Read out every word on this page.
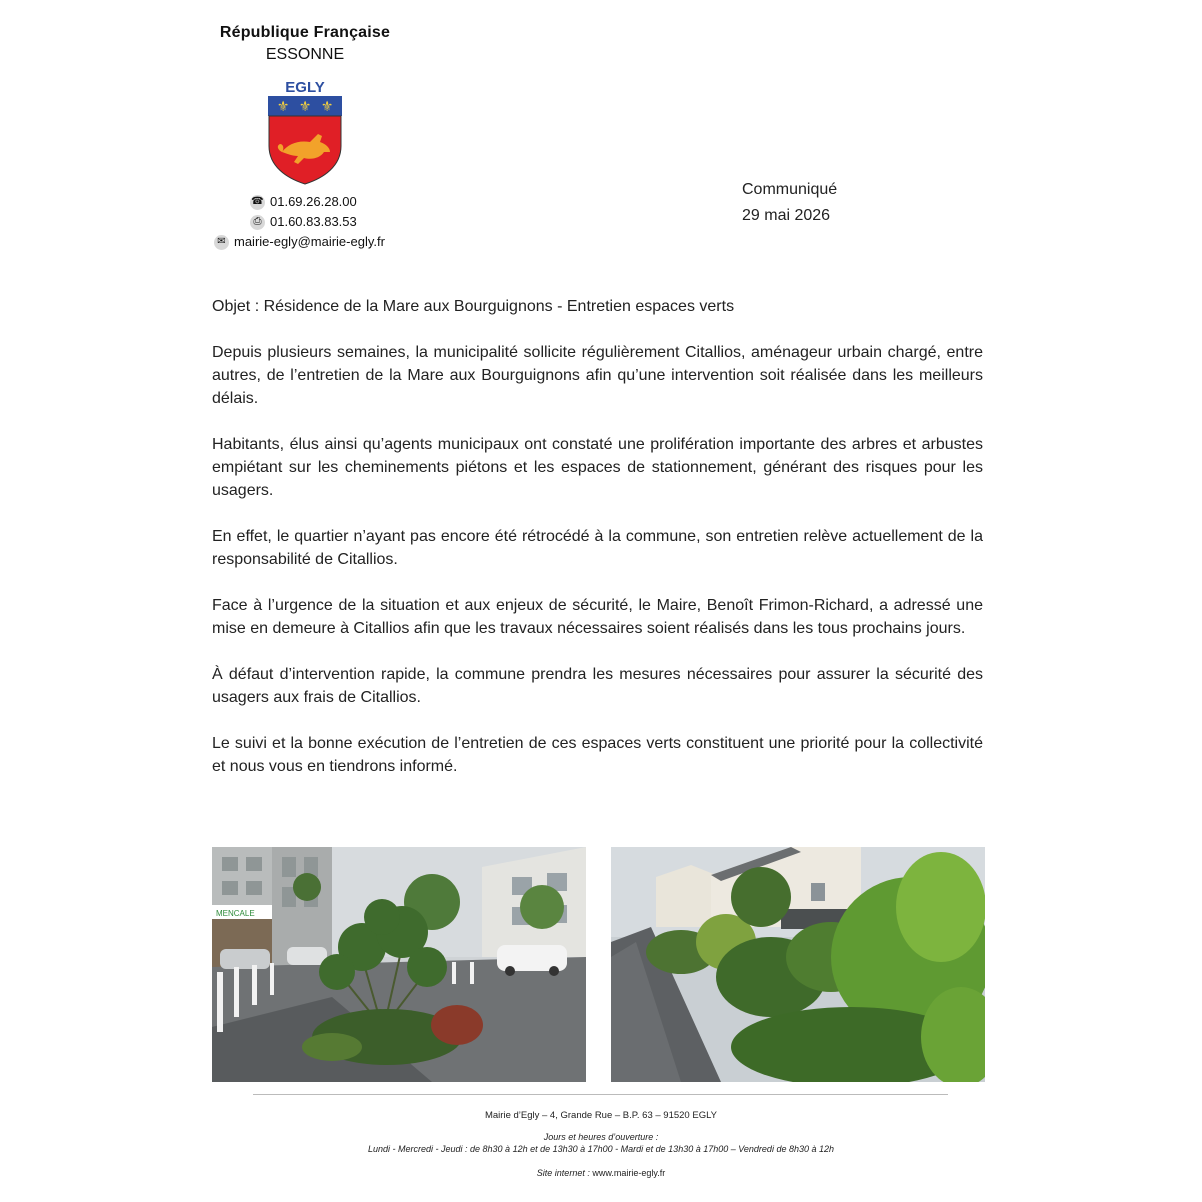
République Française
ESSONNE
EGLY
⚜ ⚜ ⚜
☎ 01.69.26.28.00
⎙ 01.60.83.83.53
✉ mairie-egly@mairie-egly.fr
Communiqué
29 mai 2026

Objet : Résidence de la Mare aux Bourguignons - Entretien espaces verts

Depuis plusieurs semaines, la municipalité sollicite régulièrement Citallios, aménageur urbain chargé, entre autres, de l’entretien de la Mare aux Bourguignons afin qu’une intervention soit réalisée dans les meilleurs délais.

Habitants, élus ainsi qu’agents municipaux ont constaté une prolifération importante des arbres et arbustes empiétant sur les cheminements piétons et les espaces de stationnement, générant des risques pour les usagers.

En effet, le quartier n’ayant pas encore été rétrocédé à la commune, son entretien relève actuellement de la responsabilité de Citallios.

Face à l’urgence de la situation et aux enjeux de sécurité, le Maire, Benoît Frimon-Richard, a adressé une mise en demeure à Citallios afin que les travaux nécessaires soient réalisés dans les tous prochains jours.

À défaut d’intervention rapide, la commune prendra les mesures nécessaires pour assurer la sécurité des usagers aux frais de Citallios.

Le suivi et la bonne exécution de l’entretien de ces espaces verts constituent une priorité pour la collectivité et nous vous en tiendrons informé.

MENCALE
Mairie d’Egly – 4, Grande Rue – B.P. 63 – 91520 EGLY
Jours et heures d’ouverture :
Lundi - Mercredi - Jeudi : de 8h30 à 12h et de 13h30 à 17h00 - Mardi et de 13h30 à 17h00 – Vendredi de 8h30 à 12h
Site internet : www.mairie-egly.fr
